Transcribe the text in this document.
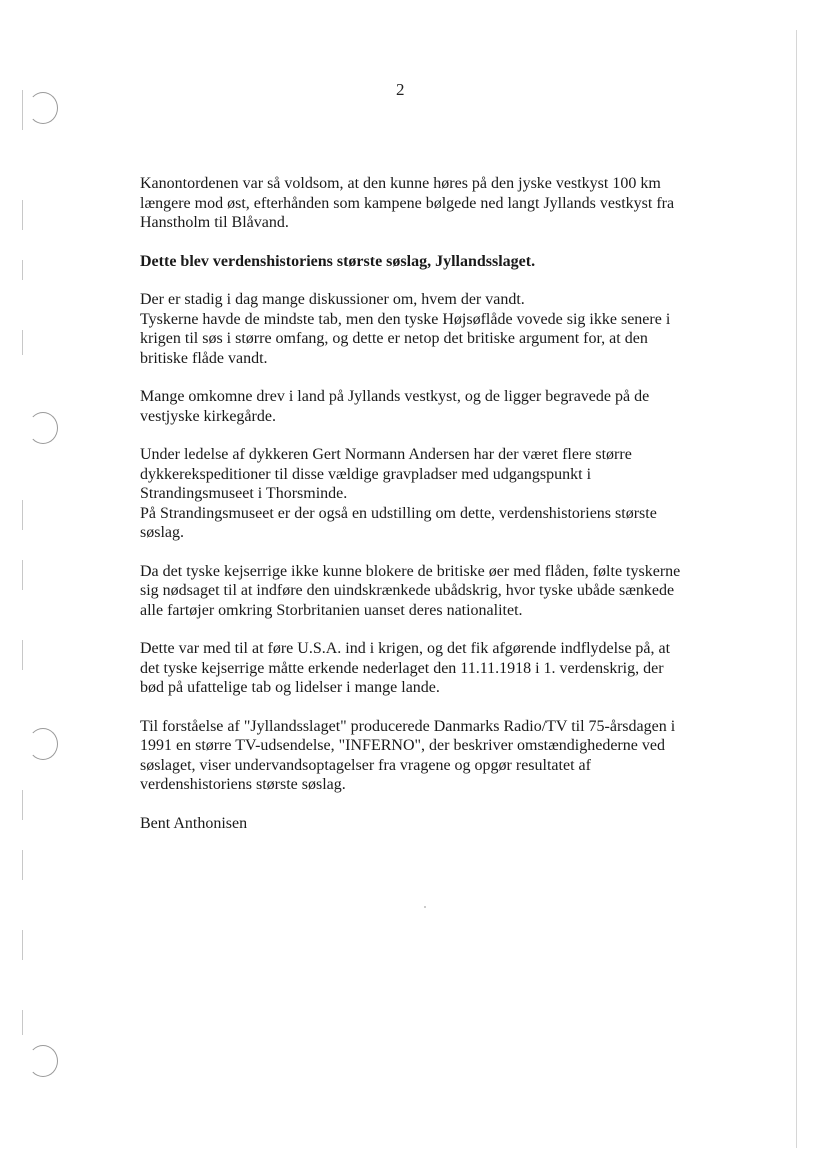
2

Kanontordenen var så voldsom, at den kunne høres på den jyske vestkyst 100 km
længere mod øst, efterhånden som kampene bølgede ned langt Jyllands vestkyst fra
Hanstholm til Blåvand.

Dette blev verdenshistoriens største søslag, Jyllandsslaget.

Der er stadig i dag mange diskussioner om, hvem der vandt.
Tyskerne havde de mindste tab, men den tyske Højsøflåde vovede sig ikke senere i
krigen til søs i større omfang, og dette er netop det britiske argument for, at den
britiske flåde vandt.

Mange omkomne drev i land på Jyllands vestkyst, og de ligger begravede på de
vestjyske kirkegårde.

Under ledelse af dykkeren Gert Normann Andersen har der været flere større
dykkerekspeditioner til disse vældige gravpladser med udgangspunkt i
Strandingsmuseet i Thorsminde.
På Strandingsmuseet er der også en udstilling om dette, verdenshistoriens største
søslag.

Da det tyske kejserrige ikke kunne blokere de britiske øer med flåden, følte tyskerne
sig nødsaget til at indføre den uindskrænkede ubådskrig, hvor tyske ubåde sænkede
alle fartøjer omkring Storbritanien uanset deres nationalitet.

Dette var med til at føre U.S.A. ind i krigen, og det fik afgørende indflydelse på, at
det tyske kejserrige måtte erkende nederlaget den 11.11.1918 i 1. verdenskrig, der
bød på ufattelige tab og lidelser i mange lande.

Til forståelse af "Jyllandsslaget" producerede Danmarks Radio/TV til 75-årsdagen i
1991 en større TV-udsendelse, "INFERNO", der beskriver omstændighederne ved
søslaget, viser undervandsoptagelser fra vragene og opgør resultatet af
verdenshistoriens største søslag.

Bent Anthonisen
